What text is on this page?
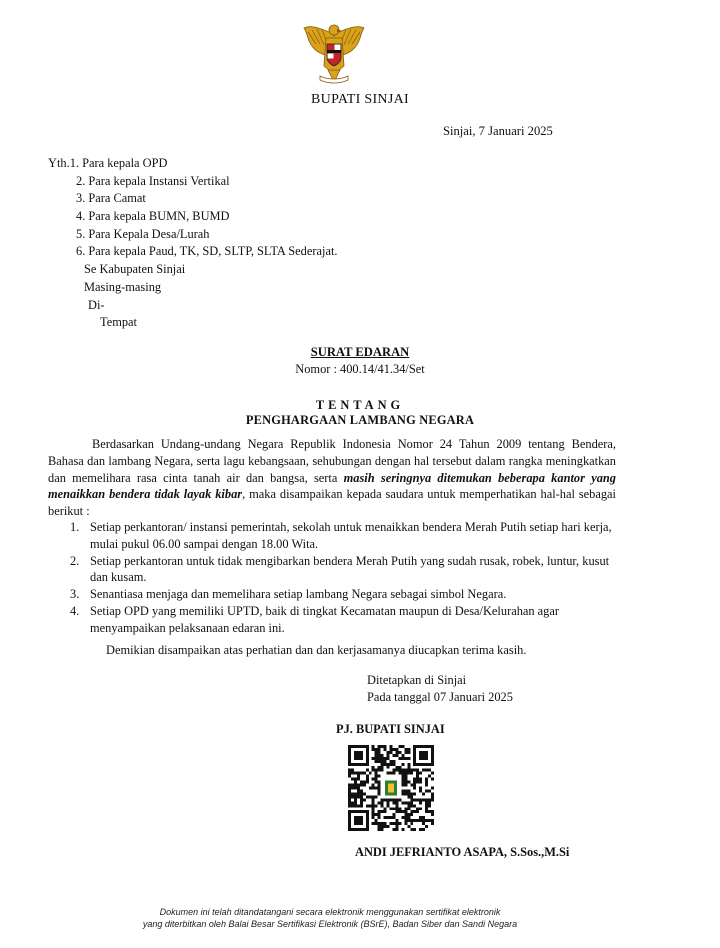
BUPATI SINJAI

Sinjai, 7 Januari 2025

Yth.1. Para kepala OPD
2. Para kepala Instansi Vertikal
3. Para Camat
4. Para kepala BUMN, BUMD
5. Para Kepala Desa/Lurah
6. Para kepala Paud, TK, SD, SLTP, SLTA Sederajat.
Se Kabupaten Sinjai
Masing-masing
Di-
Tempat

SURAT EDARAN

Nomor : 400.14/41.34/Set

TENTANG

PENGHARGAAN LAMBANG NEGARA

Berdasarkan Undang-undang Negara Republik Indonesia Nomor 24 Tahun 2009 tentang Bendera, Bahasa dan lambang Negara, serta lagu kebangsaan, sehubungan dengan hal tersebut dalam rangka meningkatkan dan memelihara rasa cinta tanah air dan bangsa, serta masih seringnya ditemukan beberapa kantor yang menaikkan bendera tidak layak kibar, maka disampaikan kepada saudara untuk memperhatikan hal-hal sebagai berikut :

1. Setiap perkantoran/ instansi pemerintah, sekolah untuk menaikkan bendera Merah Putih setiap hari kerja, mulai pukul 06.00 sampai dengan 18.00 Wita.
2. Setiap perkantoran untuk tidak mengibarkan bendera Merah Putih yang sudah rusak, robek, luntur, kusut dan kusam.
3. Senantiasa menjaga dan memelihara setiap lambang Negara sebagai simbol Negara.
4. Setiap OPD yang memiliki UPTD, baik di tingkat Kecamatan maupun di Desa/Kelurahan agar menyampaikan pelaksanaan edaran ini.

Demikian disampaikan atas perhatian dan dan kerjasamanya diucapkan terima kasih.

Ditetapkan di Sinjai
Pada tanggal 07 Januari 2025

PJ. BUPATI SINJAI

ANDI JEFRIANTO ASAPA, S.Sos.,M.Si

Dokumen ini telah ditandatangani secara elektronik menggunakan sertifikat elektronik

yang diterbitkan oleh Balai Besar Sertifikasi Elektronik (BSrE), Badan Siber dan Sandi Negara
